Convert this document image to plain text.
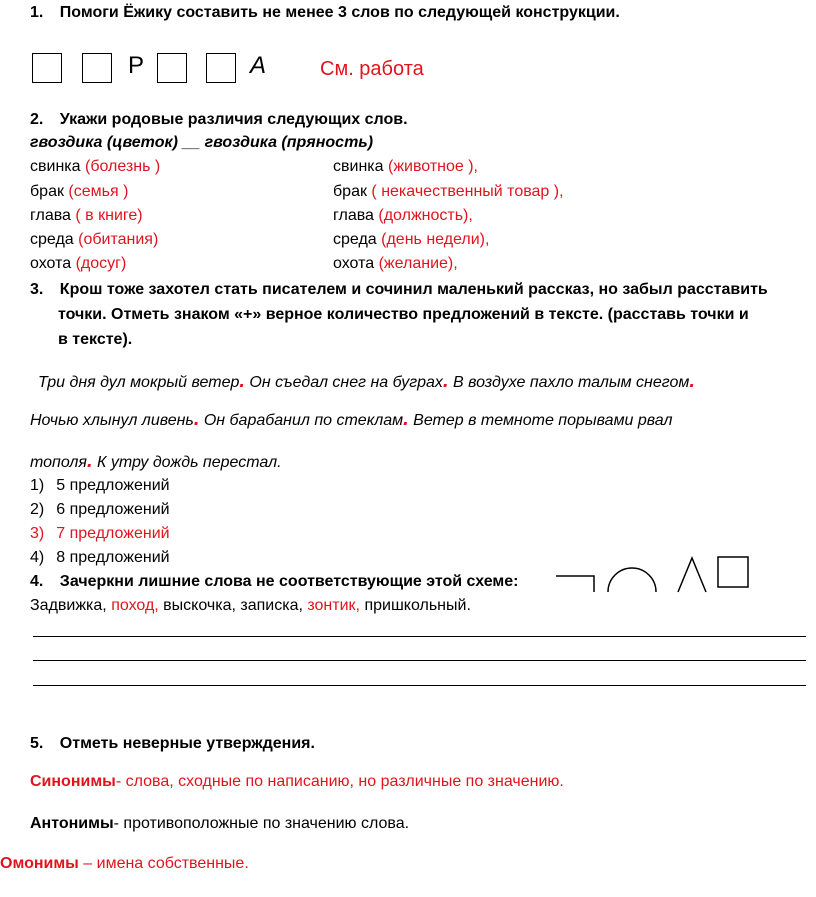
1. Помоги Ёжику составить не менее 3 слов по следующей конструкции.
Р	А	См. работа
2. Укажи родовые различия следующих слов.
гвоздика (цветок) __ гвоздика (пряность)
свинка (болезнь )	свинка (животное ),
брак (семья )	брак ( некачественный товар ),
глава ( в книге)	глава (должность),
среда (обитания)	среда (день недели),
охота (досуг)	охота (желание),
3. Крош тоже захотел стать писателем и сочинил маленький рассказ, но забыл расставить
точки. Отметь знаком «+» верное количество предложений в тексте. (расставь точки и
в тексте).
Три дня дул мокрый ветер. Он съедал снег на буграх. В воздухе пахло талым снегом.
Ночью хлынул ливень. Он барабанил по стеклам. Ветер в темноте порывами рвал
тополя. К утру дождь перестал.
1) 5 предложений
2) 6 предложений
3) 7 предложений
4) 8 предложений
4. Зачеркни лишние слова не соответствующие этой схеме:
Задвижка, поход, выскочка, записка, зонтик, пришкольный.
5. Отметь неверные утверждения.
Синонимы- слова, сходные по написанию, но различные по значению.
Антонимы- противоположные по значению слова.
Омонимы – имена собственные.
